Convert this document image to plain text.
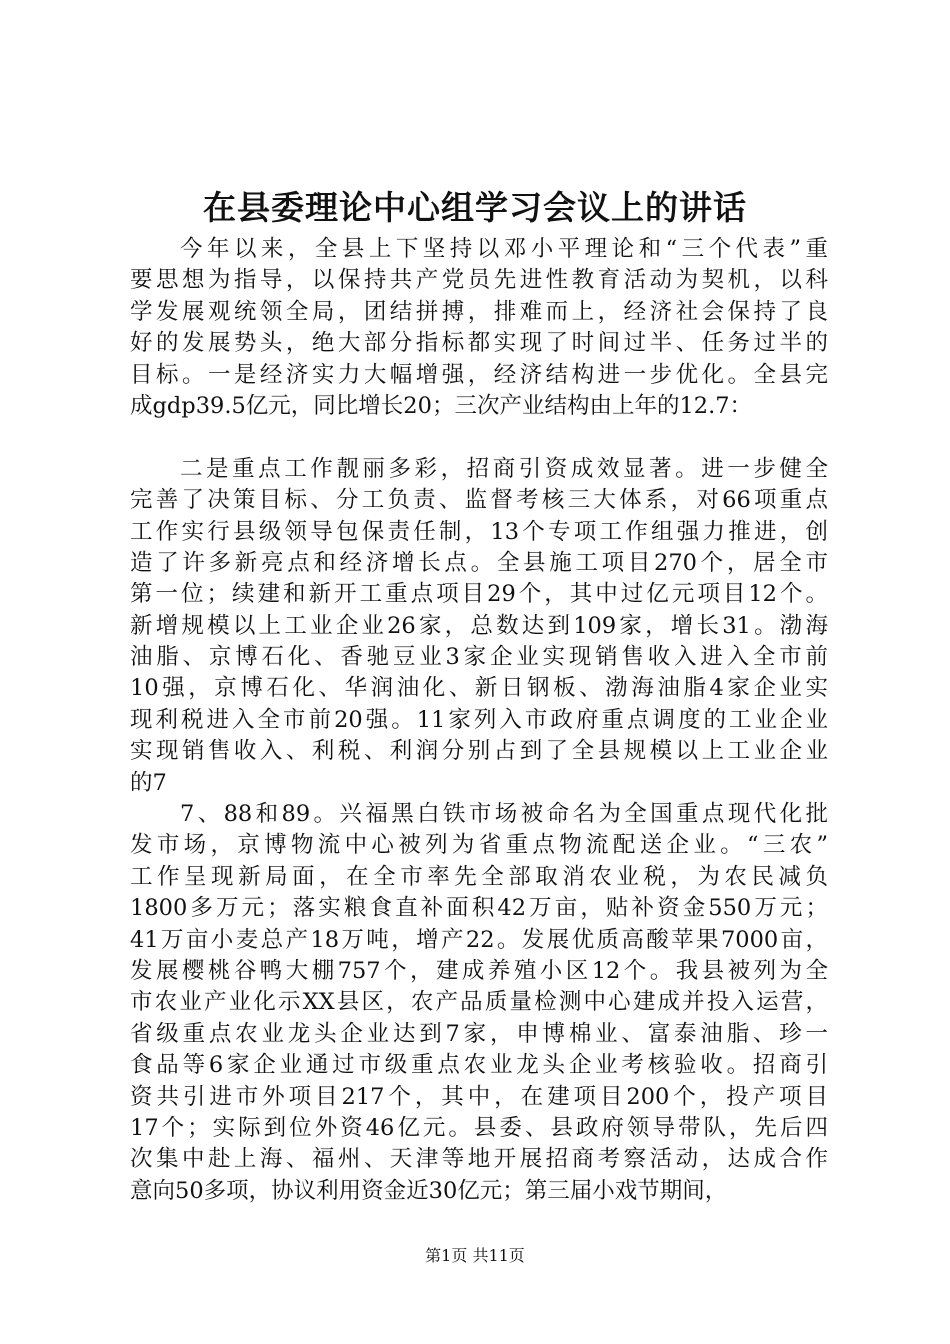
在县委理论中心组学习会议上的讲话
今年以来，全县上下坚持以邓小平理论和“三个代表”重
要思想为指导，以保持共产党员先进性教育活动为契机，以科
学发展观统领全局，团结拼搏，排难而上，经济社会保持了良
好的发展势头，绝大部分指标都实现了时间过半、任务过半的
目标。一是经济实力大幅增强，经济结构进一步优化。全县完
成gdp39.5亿元，同比增长20；三次产业结构由上年的12.7：
二是重点工作靓丽多彩，招商引资成效显著。进一步健全
完善了决策目标、分工负责、监督考核三大体系，对66项重点
工作实行县级领导包保责任制，13个专项工作组强力推进，创
造了许多新亮点和经济增长点。全县施工项目270个，居全市
第一位；续建和新开工重点项目29个，其中过亿元项目12个。
新增规模以上工业企业26家，总数达到109家，增长31。渤海
油脂、京博石化、香驰豆业3家企业实现销售收入进入全市前
10强，京博石化、华润油化、新日钢板、渤海油脂4家企业实
现利税进入全市前20强。11家列入市政府重点调度的工业企业
实现销售收入、利税、利润分别占到了全县规模以上工业企业
的7
7、88和89。兴福黑白铁市场被命名为全国重点现代化批
发市场，京博物流中心被列为省重点物流配送企业。“三农”
工作呈现新局面，在全市率先全部取消农业税，为农民减负
1800多万元；落实粮食直补面积42万亩，贴补资金550万元；
41万亩小麦总产18万吨，增产22。发展优质高酸苹果7000亩，
发展樱桃谷鸭大棚757个，建成养殖小区12个。我县被列为全
市农业产业化示XX县区，农产品质量检测中心建成并投入运营，
省级重点农业龙头企业达到7家，申博棉业、富泰油脂、珍一
食品等6家企业通过市级重点农业龙头企业考核验收。招商引
资共引进市外项目217个，其中，在建项目200个，投产项目
17个；实际到位外资46亿元。县委、县政府领导带队，先后四
次集中赴上海、福州、天津等地开展招商考察活动，达成合作
意向50多项，协议利用资金近30亿元；第三届小戏节期间，
第1页 共11页
